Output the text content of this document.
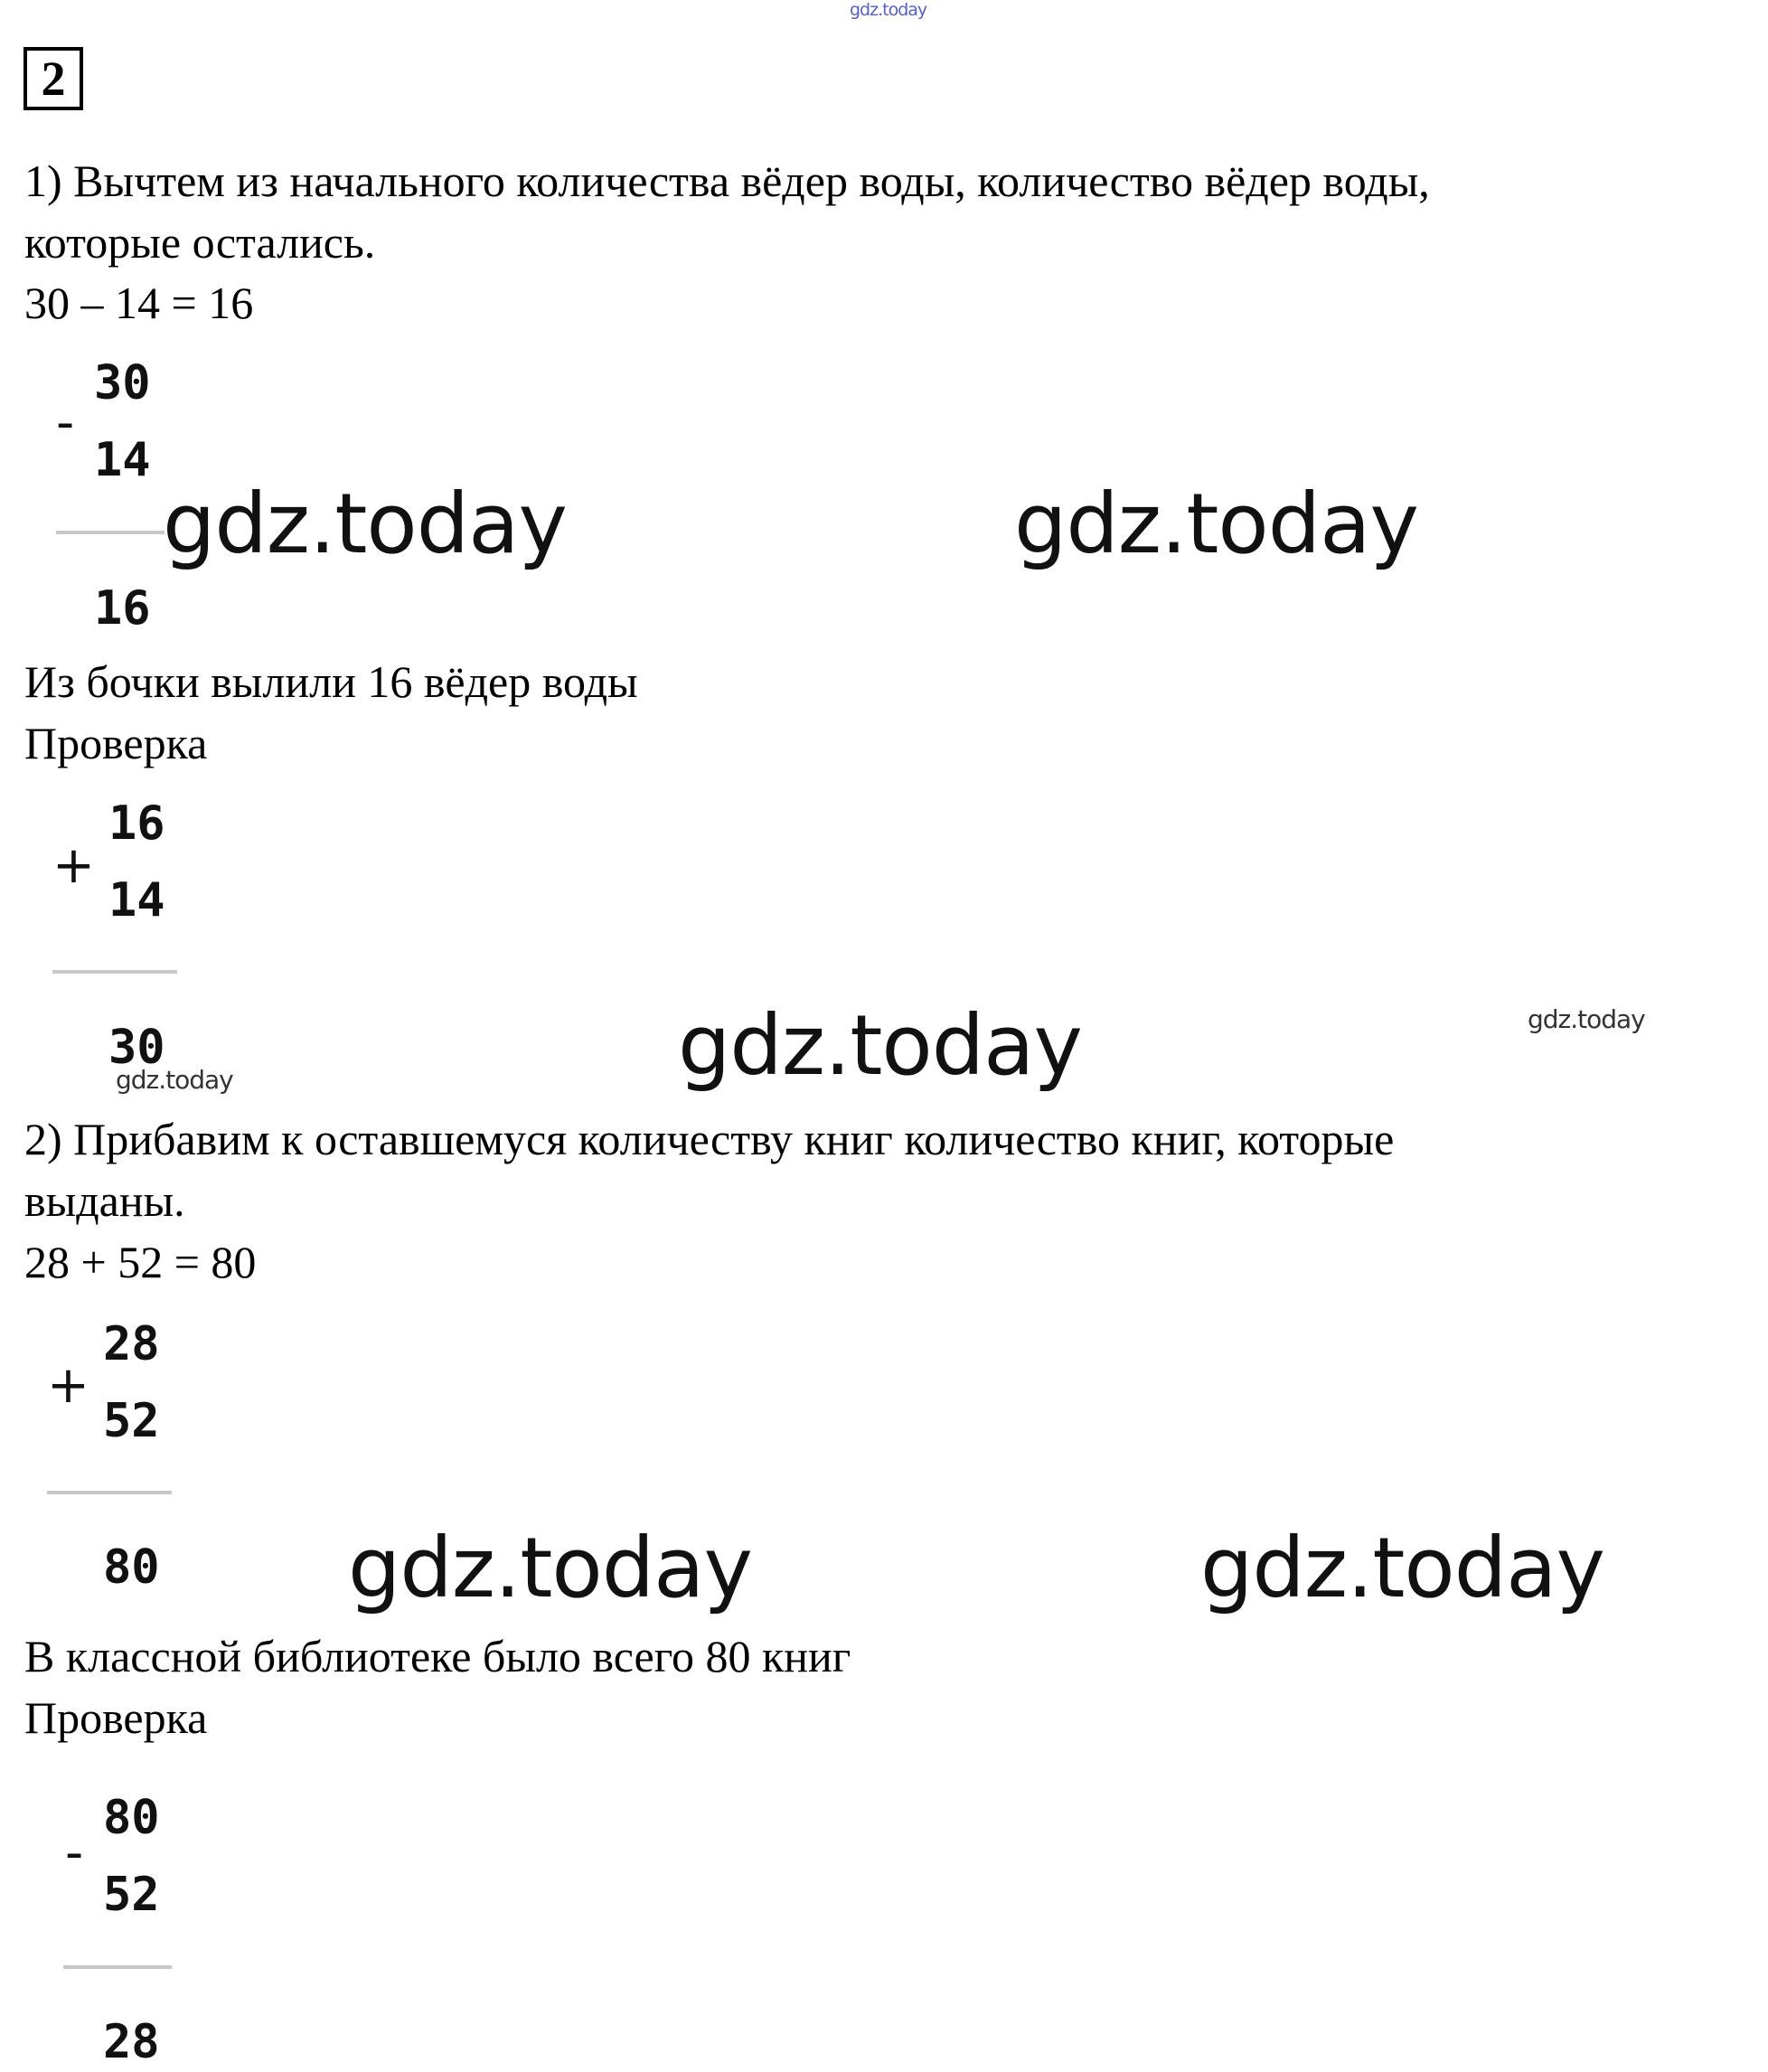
gdz.today
2
1) Вычтем из начального количества вёдер воды, количество вёдер воды,
которые остались.
30 – 14 = 16
-
30
14
16
gdz.today	gdz.today
Из бочки вылили 16 вёдер воды
Проверка
+
16
14
30
gdz.today	gdz.today	gdz.today
2) Прибавим к оставшемуся количеству книг количество книг, которые
выданы.
28 + 52 = 80
+
28
52
80 gdz.today	gdz.today
В классной библиотеке было всего 80 книг
Проверка
-
80
52
28
